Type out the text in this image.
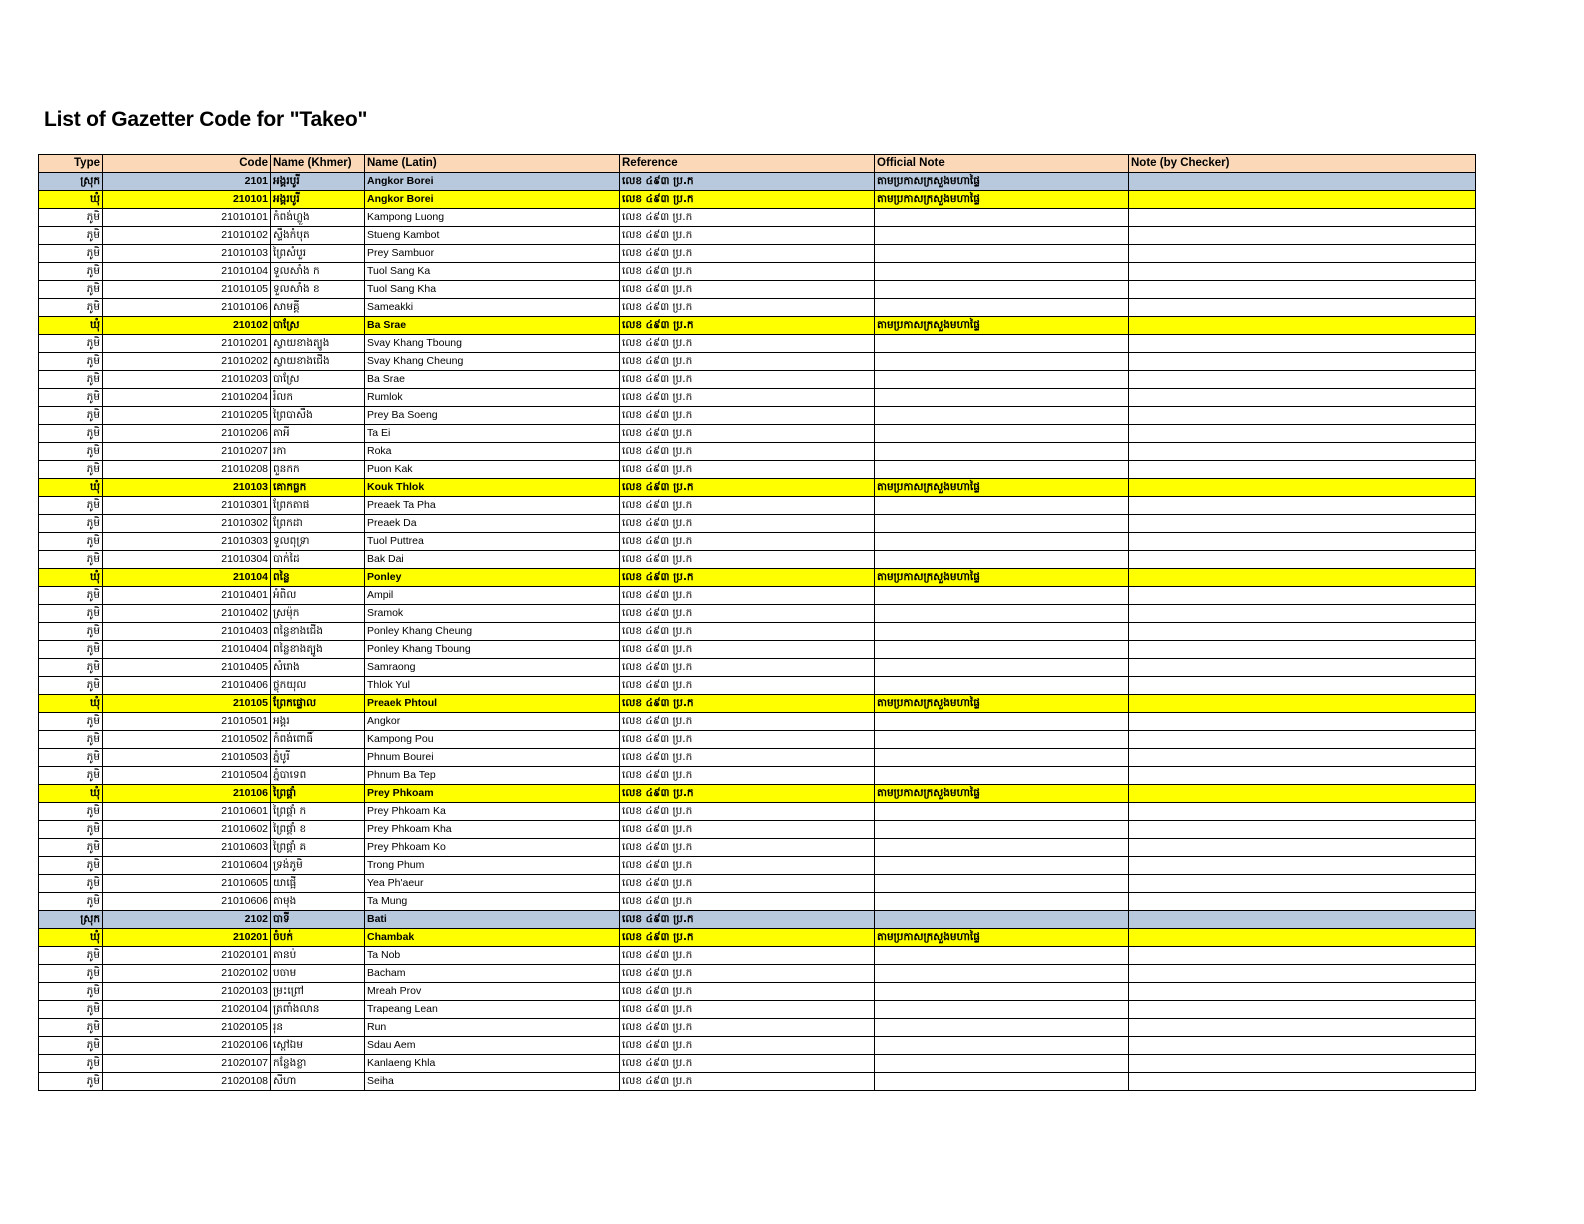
List of Gazetter Code for "Takeo"
Type	Code	Name (Khmer)	Name (Latin)	Reference	Official Note	Note (by Checker)
ស្រុក	2101	អង្គរបូរី	Angkor Borei	លេខ ៤៩៣ ប្រ.ក	តាមប្រកាសក្រសួងមហាផ្ទៃ	
ឃុំ	210101	អង្គរបូរី	Angkor Borei	លេខ ៤៩៣ ប្រ.ក	តាមប្រកាសក្រសួងមហាផ្ទៃ	
ភូមិ	21010101	កំពង់ហ្លួង	Kampong Luong	លេខ ៤៩៣ ប្រ.ក		
ភូមិ	21010102	ស្ទឹងកំបុត	Stueng Kambot	លេខ ៤៩៣ ប្រ.ក		
ភូមិ	21010103	ព្រៃសំបួរ	Prey Sambuor	លេខ ៤៩៣ ប្រ.ក		
ភូមិ	21010104	ទួលសាំង ក	Tuol Sang Ka	លេខ ៤៩៣ ប្រ.ក		
ភូមិ	21010105	ទួលសាំង ខ	Tuol Sang Kha	លេខ ៤៩៣ ប្រ.ក		
ភូមិ	21010106	សាមគ្គី	Sameakki	លេខ ៤៩៣ ប្រ.ក		
ឃុំ	210102	បាស្រែ	Ba Srae	លេខ ៤៩៣ ប្រ.ក	តាមប្រកាសក្រសួងមហាផ្ទៃ	
ភូមិ	21010201	ស្វាយខាងត្បូង	Svay Khang Tboung	លេខ ៤៩៣ ប្រ.ក		
ភូមិ	21010202	ស្វាយខាងជើង	Svay Khang Cheung	លេខ ៤៩៣ ប្រ.ក		
ភូមិ	21010203	បាស្រែ	Ba Srae	លេខ ៤៩៣ ប្រ.ក		
ភូមិ	21010204	រំលក	Rumlok	លេខ ៤៩៣ ប្រ.ក		
ភូមិ	21010205	ព្រៃបាសឹង	Prey Ba Soeng	លេខ ៤៩៣ ប្រ.ក		
ភូមិ	21010206	តាអី	Ta Ei	លេខ ៤៩៣ ប្រ.ក		
ភូមិ	21010207	រកា	Roka	លេខ ៤៩៣ ប្រ.ក		
ភូមិ	21010208	ពួនកក	Puon Kak	លេខ ៤៩៣ ប្រ.ក		
ឃុំ	210103	គោកធ្លក	Kouk Thlok	លេខ ៤៩៣ ប្រ.ក	តាមប្រកាសក្រសួងមហាផ្ទៃ	
ភូមិ	21010301	ព្រែកតាផ	Preaek Ta Pha	លេខ ៤៩៣ ប្រ.ក		
ភូមិ	21010302	ព្រែកដា	Preaek Da	លេខ ៤៩៣ ប្រ.ក		
ភូមិ	21010303	ទួលពុទ្រា	Tuol Puttrea	លេខ ៤៩៣ ប្រ.ក		
ភូមិ	21010304	បាក់ដៃ	Bak Dai	លេខ ៤៩៣ ប្រ.ក		
ឃុំ	210104	ពន្លៃ	Ponley	លេខ ៤៩៣ ប្រ.ក	តាមប្រកាសក្រសួងមហាផ្ទៃ	
ភូមិ	21010401	អំពិល	Ampil	លេខ ៤៩៣ ប្រ.ក		
ភូមិ	21010402	ស្រម៉ុក	Sramok	លេខ ៤៩៣ ប្រ.ក		
ភូមិ	21010403	ពន្លៃខាងជើង	Ponley Khang Cheung	លេខ ៤៩៣ ប្រ.ក		
ភូមិ	21010404	ពន្លៃខាងត្បូង	Ponley Khang Tboung	លេខ ៤៩៣ ប្រ.ក		
ភូមិ	21010405	សំរោង	Samraong	លេខ ៤៩៣ ប្រ.ក		
ភូមិ	21010406	ថ្លុកយុល	Thlok Yul	លេខ ៤៩៣ ប្រ.ក		
ឃុំ	210105	ព្រែកផ្ទោល	Preaek Phtoul	លេខ ៤៩៣ ប្រ.ក	តាមប្រកាសក្រសួងមហាផ្ទៃ	
ភូមិ	21010501	អង្គរ	Angkor	លេខ ៤៩៣ ប្រ.ក		
ភូមិ	21010502	កំពង់ពោធិ៍	Kampong Pou	លេខ ៤៩៣ ប្រ.ក		
ភូមិ	21010503	ភ្នំបូរី	Phnum Bourei	លេខ ៤៩៣ ប្រ.ក		
ភូមិ	21010504	ភ្នំបាទេព	Phnum Ba Tep	លេខ ៤៩៣ ប្រ.ក		
ឃុំ	210106	ព្រៃផ្គាំ	Prey Phkoam	លេខ ៤៩៣ ប្រ.ក	តាមប្រកាសក្រសួងមហាផ្ទៃ	
ភូមិ	21010601	ព្រៃផ្គាំ ក	Prey Phkoam Ka	លេខ ៤៩៣ ប្រ.ក		
ភូមិ	21010602	ព្រៃផ្គាំ ខ	Prey Phkoam Kha	លេខ ៤៩៣ ប្រ.ក		
ភូមិ	21010603	ព្រៃផ្គាំ គ	Prey Phkoam Ko	លេខ ៤៩៣ ប្រ.ក		
ភូមិ	21010604	ទ្រង់ភូមិ	Trong Phum	លេខ ៤៩៣ ប្រ.ក		
ភូមិ	21010605	យាផ្អើ	Yea Ph'aeur	លេខ ៤៩៣ ប្រ.ក		
ភូមិ	21010606	តាមុង	Ta Mung	លេខ ៤៩៣ ប្រ.ក		
ស្រុក	2102	បាទី	Bati	លេខ ៤៩៣ ប្រ.ក		
ឃុំ	210201	ចំបក់	Chambak	លេខ ៤៩៣ ប្រ.ក	តាមប្រកាសក្រសួងមហាផ្ទៃ	
ភូមិ	21020101	តានប់	Ta Nob	លេខ ៤៩៣ ប្រ.ក		
ភូមិ	21020102	បចាម	Bacham	លេខ ៤៩៣ ប្រ.ក		
ភូមិ	21020103	ម្រះព្រៅ	Mreah Prov	លេខ ៤៩៣ ប្រ.ក		
ភូមិ	21020104	ត្រពាំងលាន	Trapeang Lean	លេខ ៤៩៣ ប្រ.ក		
ភូមិ	21020105	រុន	Run	លេខ ៤៩៣ ប្រ.ក		
ភូមិ	21020106	ស្ដៅឯម	Sdau Aem	លេខ ៤៩៣ ប្រ.ក		
ភូមិ	21020107	កន្លែងខ្លា	Kanlaeng Khla	លេខ ៤៩៣ ប្រ.ក		
ភូមិ	21020108	សីហា	Seiha	លេខ ៤៩៣ ប្រ.ក		
